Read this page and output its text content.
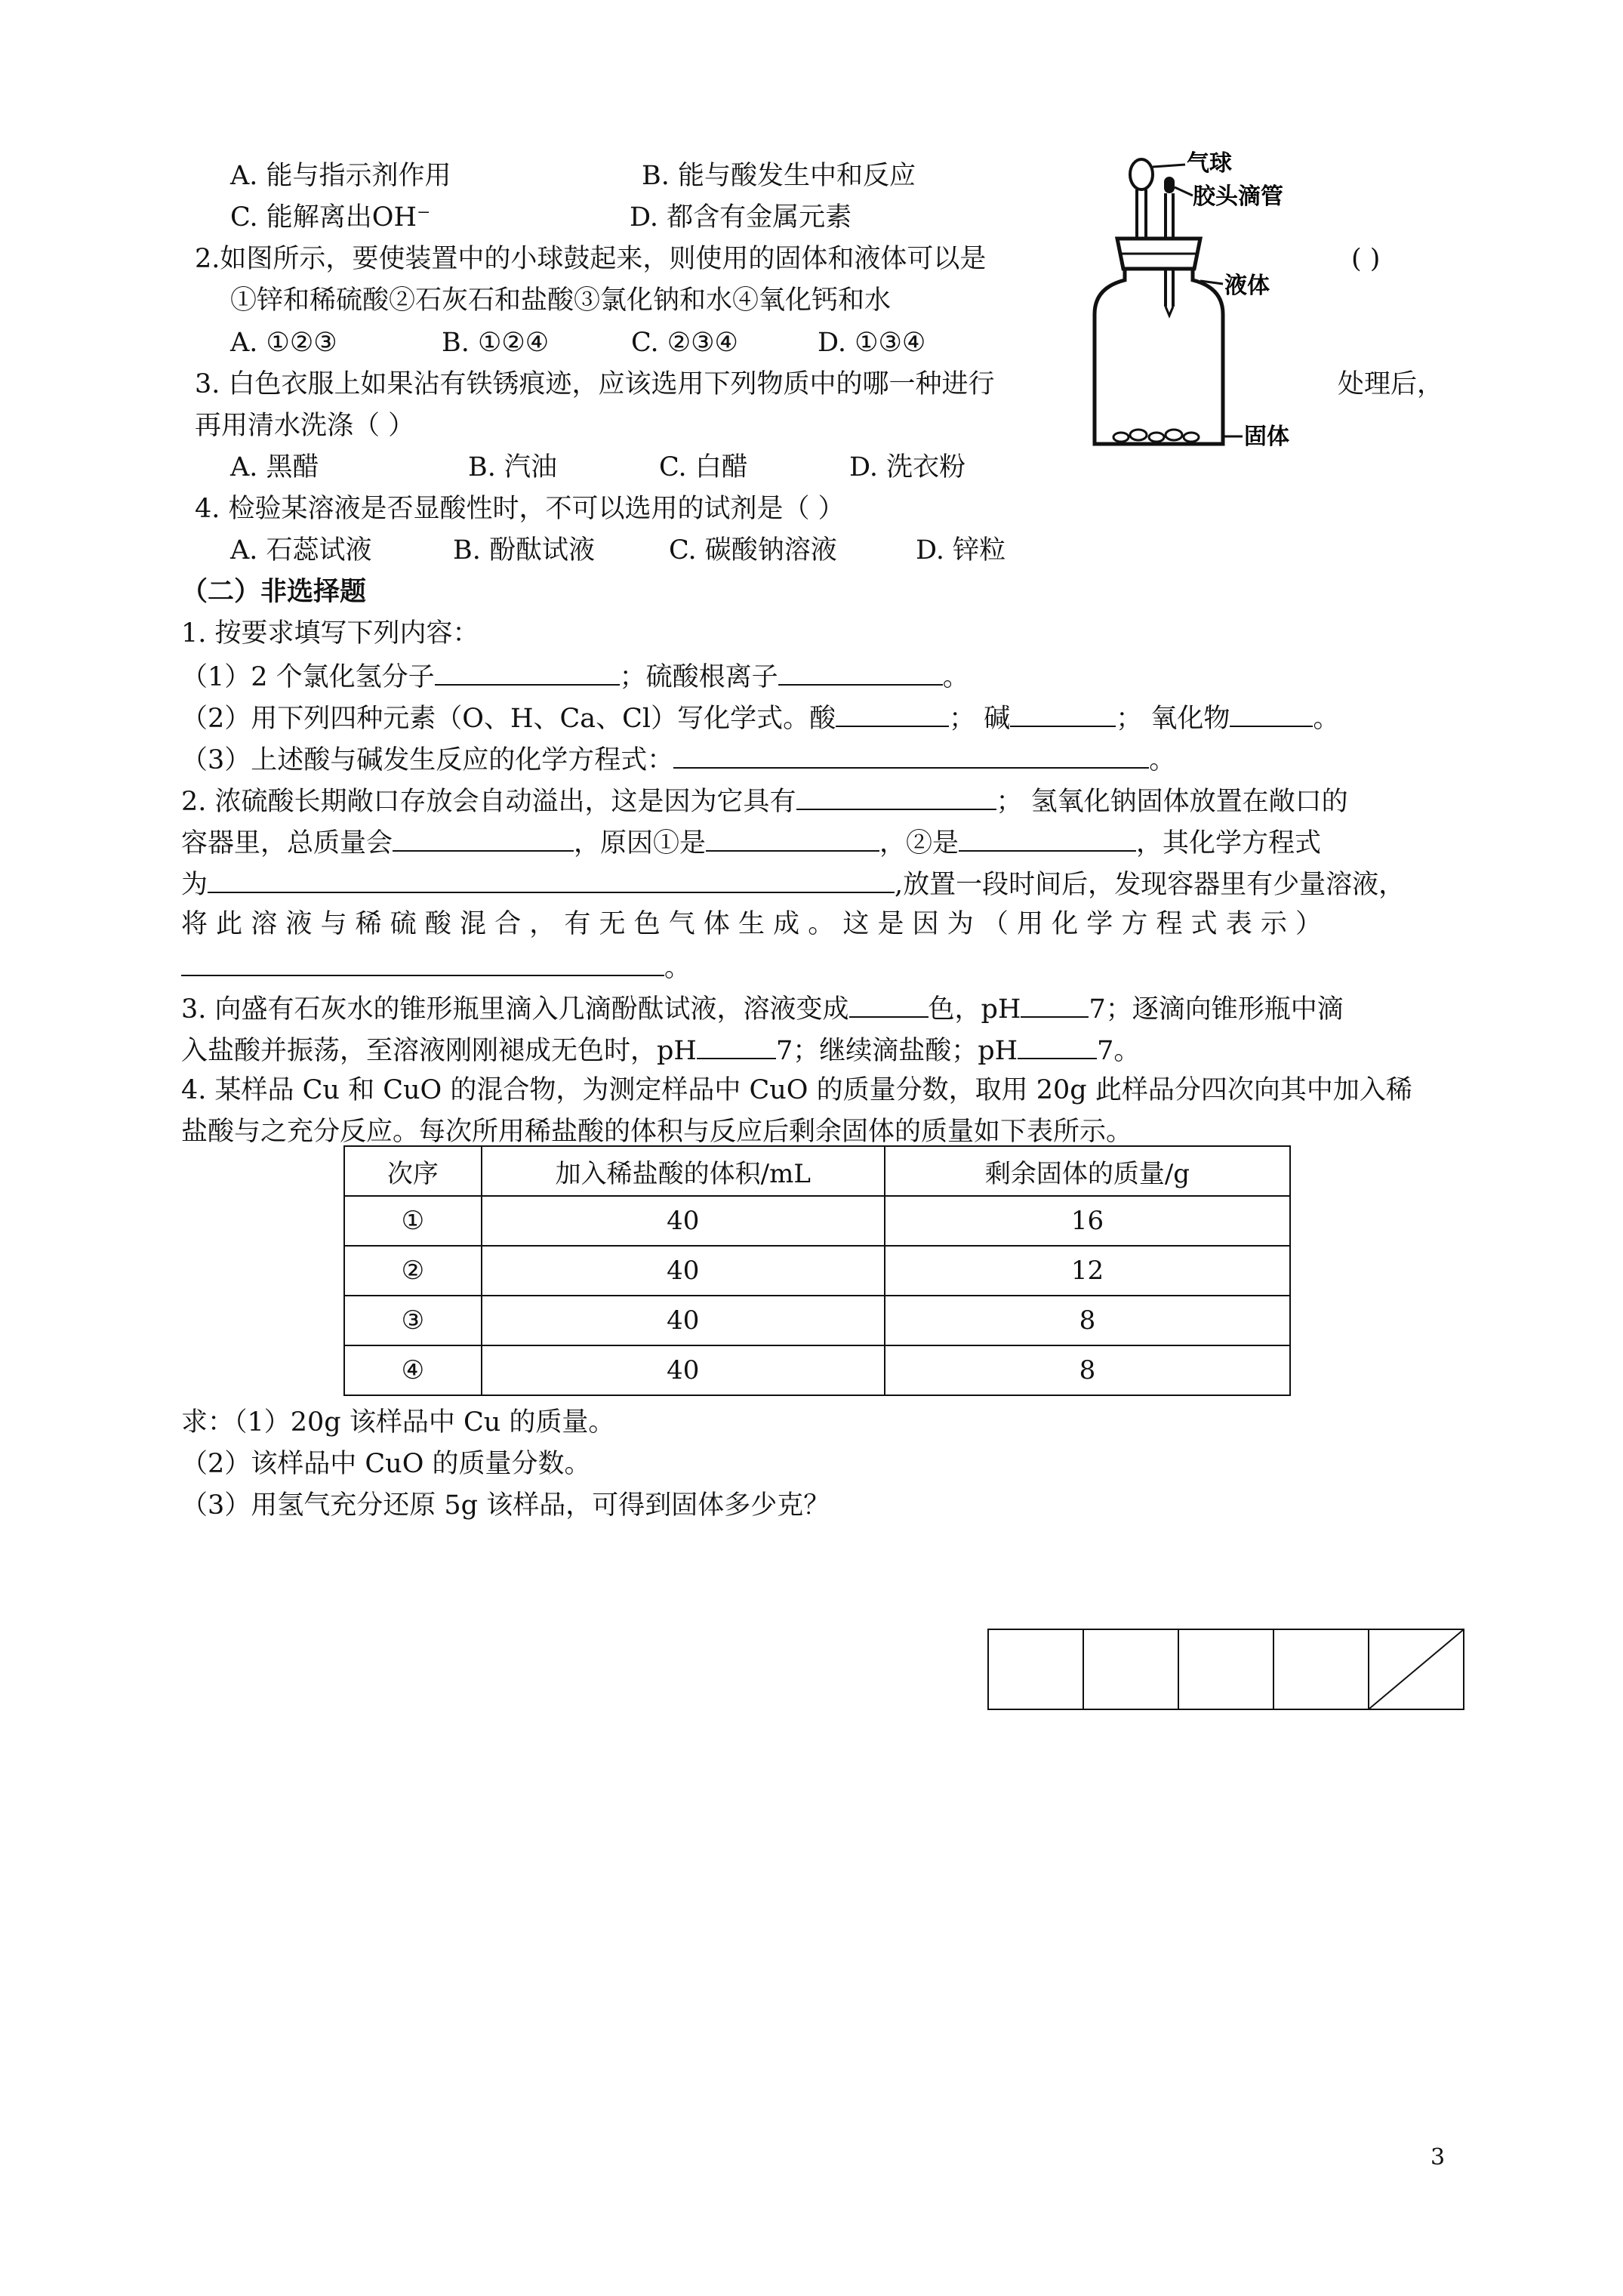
A. 能与指示剂作用	B. 能与酸发生中和反应
C. 能解离出OH⁻	D. 都含有金属元素
2.如图所示，要使装置中的小球鼓起来，则使用的固体和液体可以是	( )
①锌和稀硫酸②石灰石和盐酸③氯化钠和水④氧化钙和水
A. ①②③	B. ①②④	C. ②③④	D. ①③④
3. 白色衣服上如果沾有铁锈痕迹，应该选用下列物质中的哪一种进行	处理后，
再用清水洗涤（ ）
A. 黑醋	B. 汽油	C. 白醋	D. 洗衣粉
4. 检验某溶液是否显酸性时，不可以选用的试剂是（ ）
A. 石蕊试液	B. 酚酞试液	C. 碳酸钠溶液	D. 锌粒
气球
胶头滴管
液体
固体
（二）非选择题
1. 按要求填写下列内容：
（1）2 个氯化氢分子	；硫酸根离子	。
（2）用下列四种元素（O、H、Ca、Cl）写化学式。酸	； 碱	； 氧化物	。
（3）上述酸与碱发生反应的化学方程式：	。
2. 浓硫酸长期敞口存放会自动溢出，这是因为它具有	； 氢氧化钠固体放置在敞口的
容器里，总质量会	，原因①是	，②是	，其化学方程式
为	,放置一段时间后，发现容器里有少量溶液，
将 此 溶 液 与 稀 硫 酸 混 合 ， 有 无 色 气 体 生 成 。 这 是 因 为 （ 用 化 学 方 程 式 表 示 ）
。
3. 向盛有石灰水的锥形瓶里滴入几滴酚酞试液，溶液变成	色，pH	7；逐滴向锥形瓶中滴
入盐酸并振荡，至溶液刚刚褪成无色时，pH	7；继续滴盐酸；pH	7。
4. 某样品 Cu 和 CuO 的混合物，为测定样品中 CuO 的质量分数，取用 20g 此样品分四次向其中加入稀
盐酸与之充分反应。每次所用稀盐酸的体积与反应后剩余固体的质量如下表所示。
次序	加入稀盐酸的体积/mL	剩余固体的质量/g
①	40	16
②	40	12
③	40	8
④	40	8
求：（1）20g 该样品中 Cu 的质量。
（2）该样品中 CuO 的质量分数。
（3）用氢气充分还原 5g 该样品，可得到固体多少克？
3
